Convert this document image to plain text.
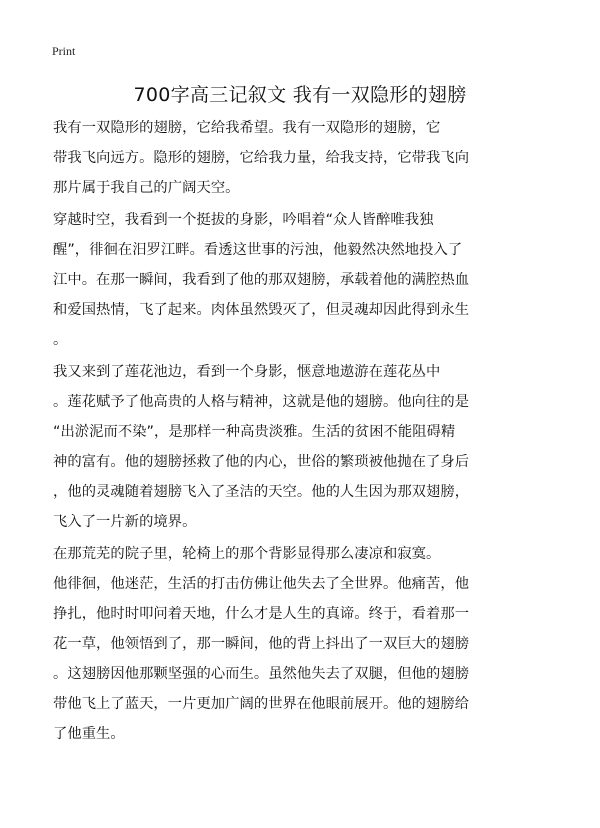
Print
700字高三记叙文 我有一双隐形的翅膀
我有一双隐形的翅膀，它给我希望。我有一双隐形的翅膀，它
带我飞向远方。隐形的翅膀，它给我力量，给我支持，它带我飞向
那片属于我自己的广阔天空。
穿越时空，我看到一个挺拔的身影，吟唱着“众人皆醉唯我独
醒”，徘徊在汨罗江畔。看透这世事的污浊，他毅然决然地投入了
江中。在那一瞬间，我看到了他的那双翅膀，承载着他的满腔热血
和爱国热情，飞了起来。肉体虽然毁灭了，但灵魂却因此得到永生
。
我又来到了莲花池边，看到一个身影，惬意地遨游在莲花丛中
。莲花赋予了他高贵的人格与精神，这就是他的翅膀。他向往的是
“出淤泥而不染”，是那样一种高贵淡雅。生活的贫困不能阻碍精
神的富有。他的翅膀拯救了他的内心，世俗的繁琐被他抛在了身后
，他的灵魂随着翅膀飞入了圣洁的天空。他的人生因为那双翅膀，
飞入了一片新的境界。
在那荒芜的院子里，轮椅上的那个背影显得那么凄凉和寂寞。
他徘徊，他迷茫，生活的打击仿佛让他失去了全世界。他痛苦，他
挣扎，他时时叩问着天地，什么才是人生的真谛。终于，看着那一
花一草，他领悟到了，那一瞬间，他的背上抖出了一双巨大的翅膀
。这翅膀因他那颗坚强的心而生。虽然他失去了双腿，但他的翅膀
带他飞上了蓝天，一片更加广阔的世界在他眼前展开。他的翅膀给
了他重生。
